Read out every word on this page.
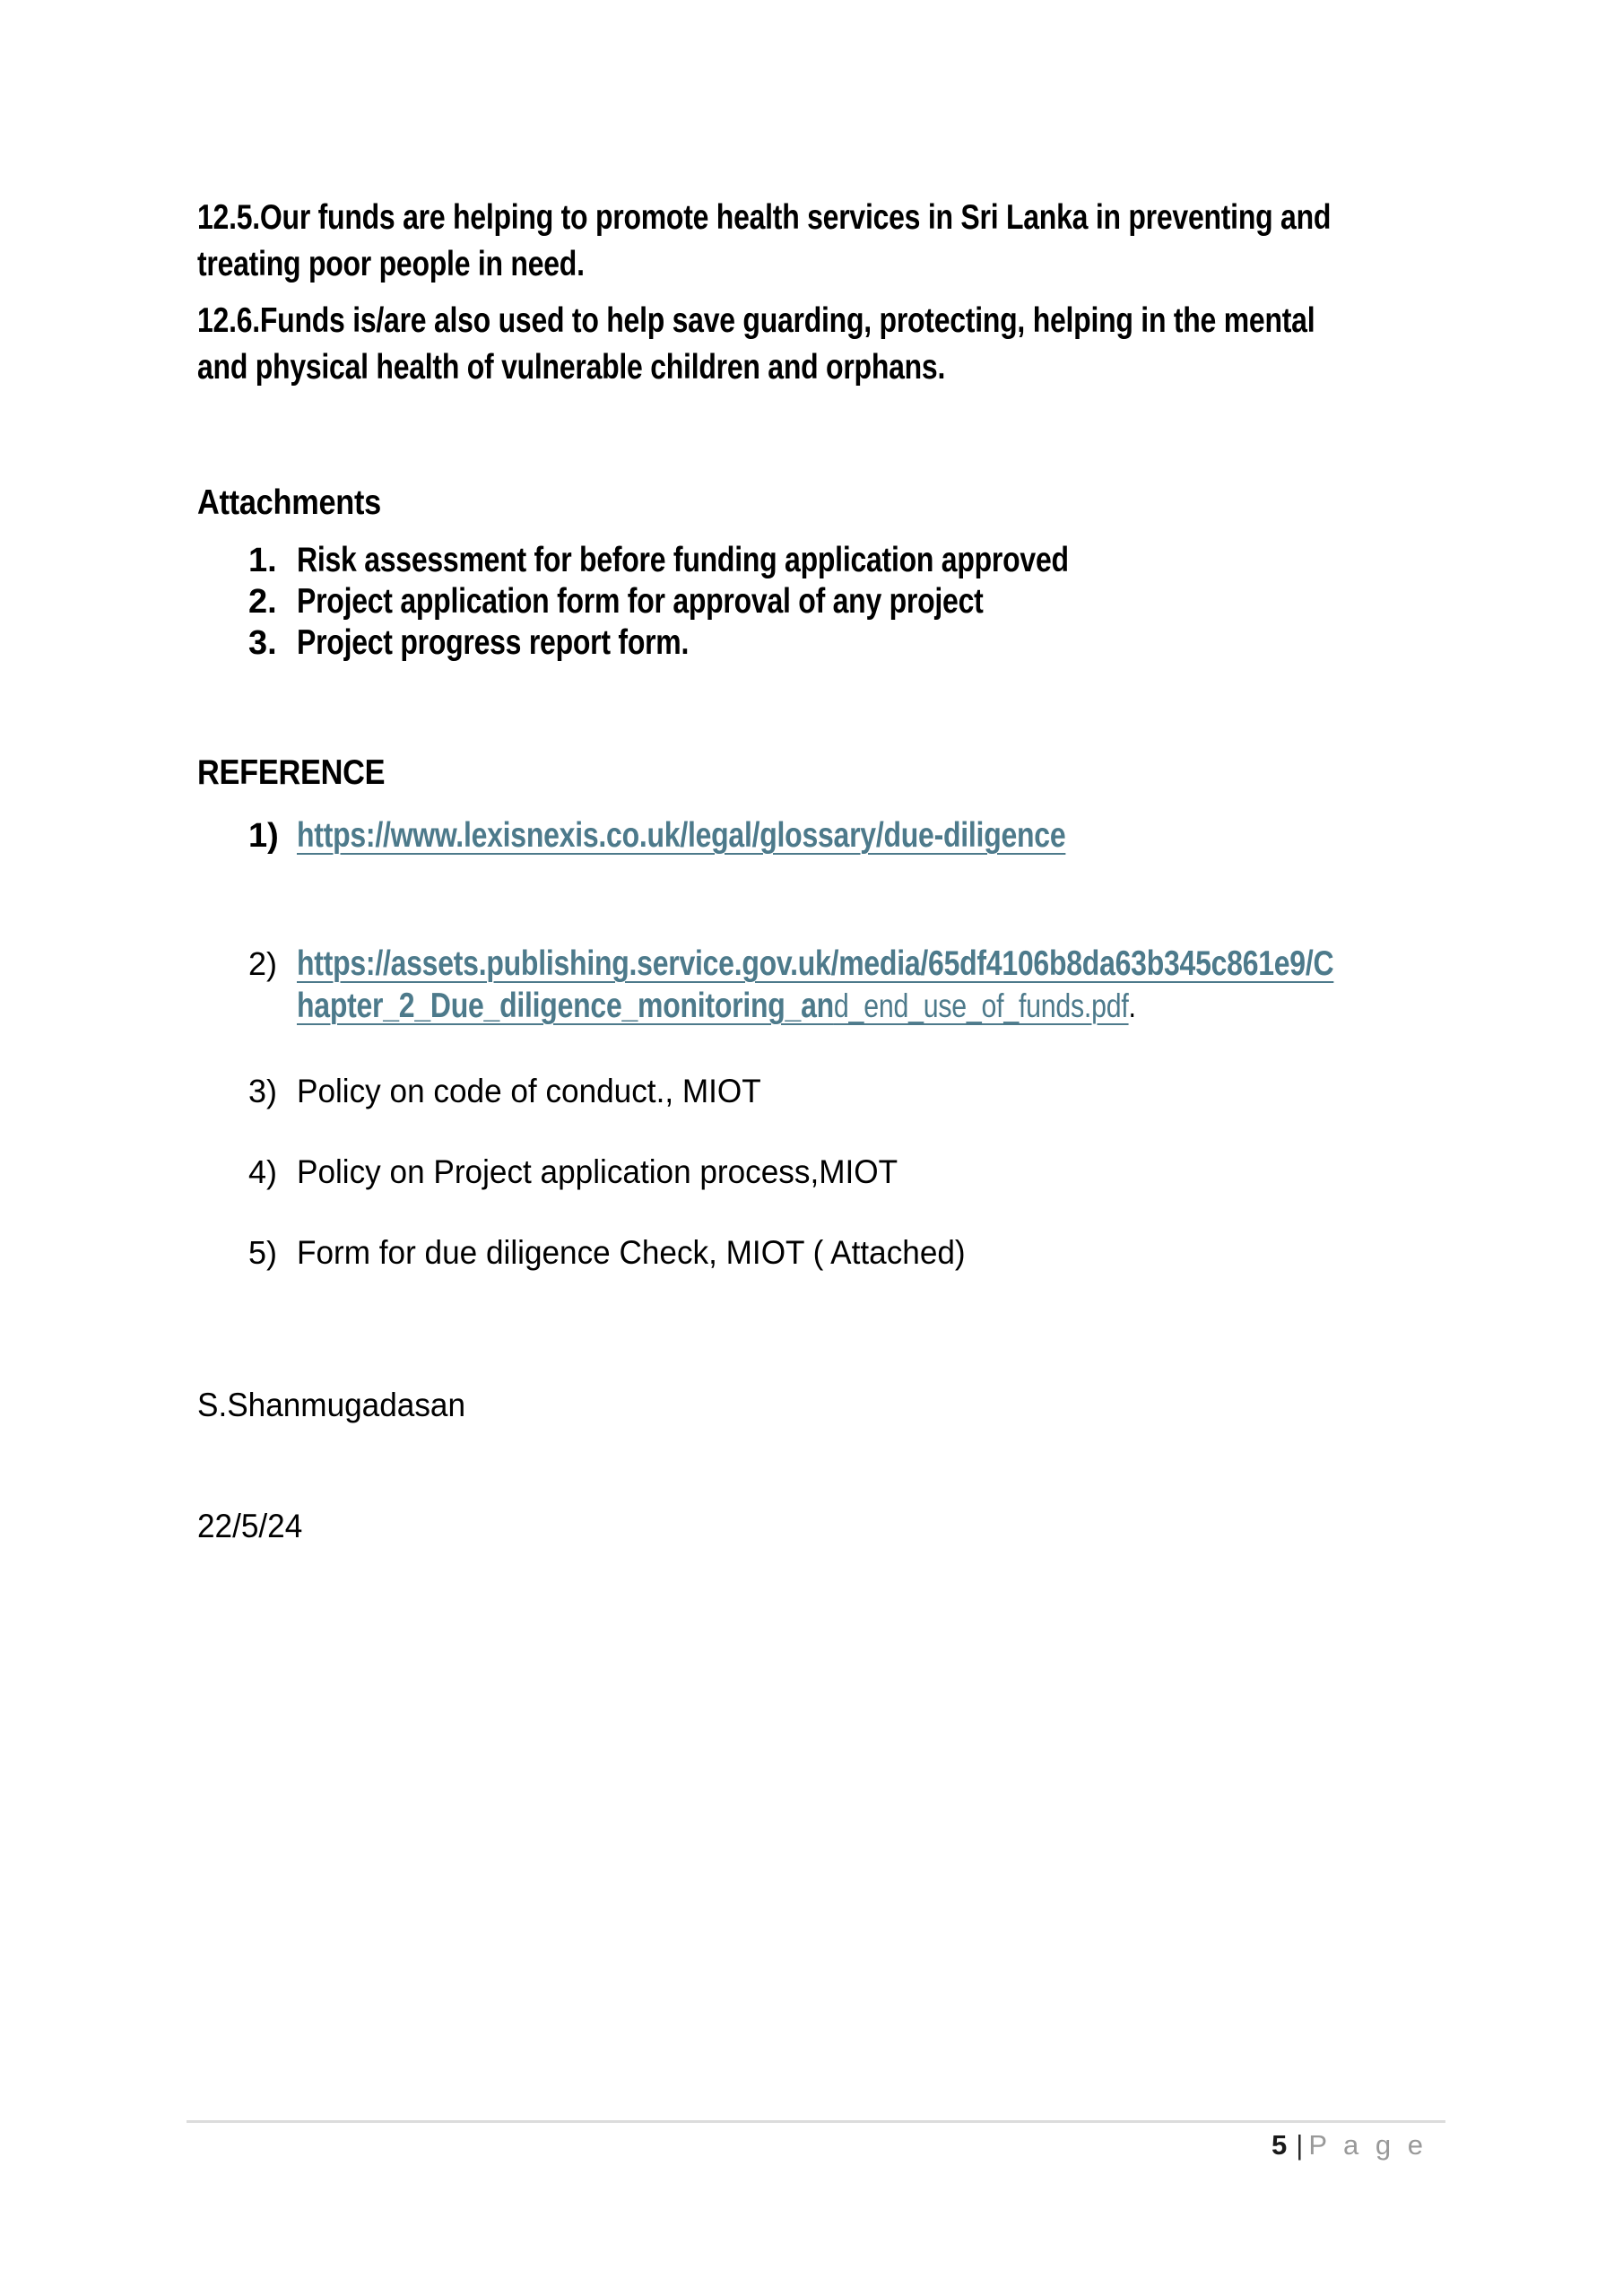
12.5.Our funds are helping to promote health services in Sri Lanka in preventing and
treating poor people in need.
12.6.Funds is/are also used to help save guarding, protecting, helping in the mental
and physical health of vulnerable children and orphans.
Attachments
1. Risk assessment for before funding application approved
2. Project application form for approval of any project
3. Project progress report form.
REFERENCE
1) https://www.lexisnexis.co.uk/legal/glossary/due-diligence
2) https://assets.publishing.service.gov.uk/media/65df4106b8da63b345c861e9/C
hapter_2_Due_diligence_monitoring_and_end_use_of_funds.pdf.
3) Policy on code of conduct., MIOT
4) Policy on Project application process,MIOT
5) Form for due diligence Check, MIOT ( Attached)
S.Shanmugadasan
22/5/24
5 | P a g e
